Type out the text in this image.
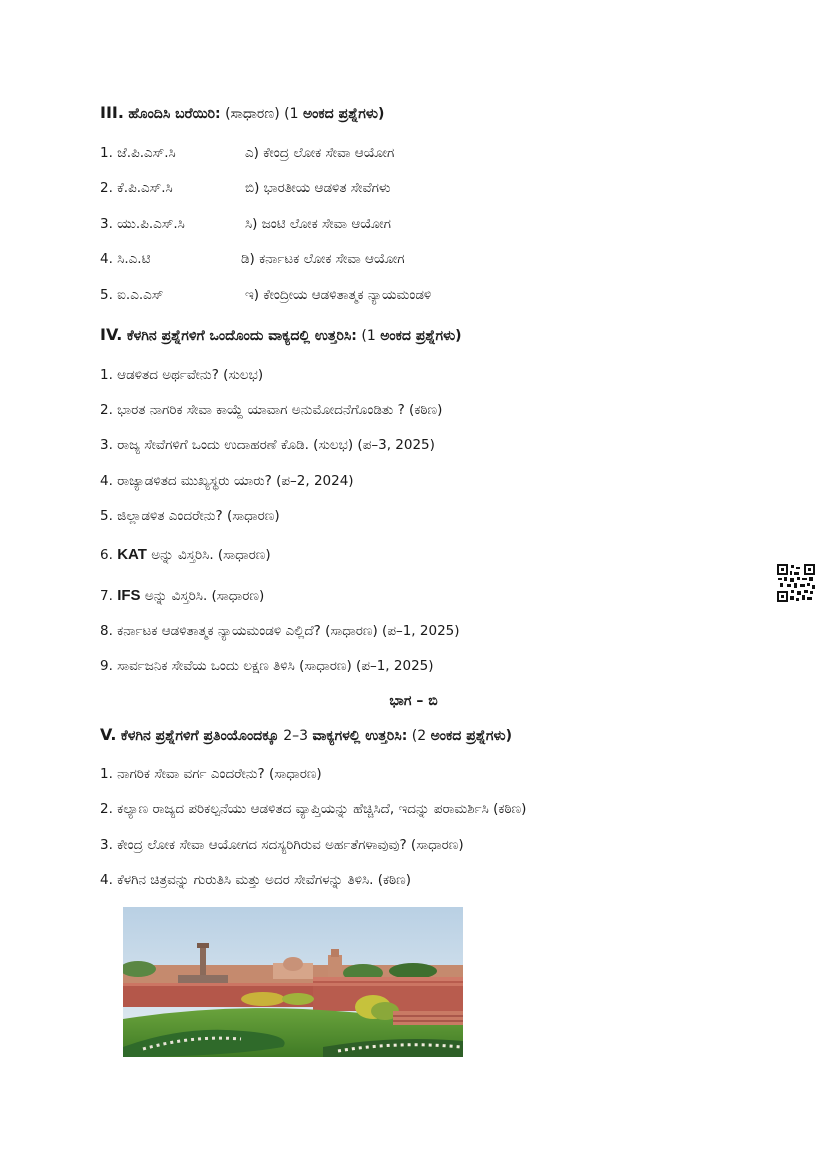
III. ಹೊಂದಿಸಿ ಬರೆಯಿರಿ: (ಸಾಧಾರಣ) (1 ಅಂಕದ ಪ್ರಶ್ನೆಗಳು)
1. ಜೆ.ಪಿ.ಎಸ್.ಸಿ	ಎ) ಕೇಂದ್ರ ಲೋಕ ಸೇವಾ ಆಯೋಗ
2. ಕೆ.ಪಿ.ಎಸ್.ಸಿ	ಬಿ) ಭಾರತೀಯ ಆಡಳಿತ ಸೇವೆಗಳು
3. ಯು.ಪಿ.ಎಸ್.ಸಿ	ಸಿ) ಜಂಟಿ ಲೋಕ ಸೇವಾ ಆಯೋಗ
4. ಸಿ.ಎ.ಟಿ	ಡಿ) ಕರ್ನಾಟಕ ಲೋಕ ಸೇವಾ ಆಯೋಗ
5. ಐ.ಎ.ಎಸ್	ಇ) ಕೇಂದ್ರೀಯ ಆಡಳಿತಾತ್ಮಕ ನ್ಯಾಯಮಂಡಳಿ
IV. ಕೆಳಗಿನ ಪ್ರಶ್ನೆಗಳಿಗೆ ಒಂದೊಂದು ವಾಕ್ಯದಲ್ಲಿ ಉತ್ತರಿಸಿ: (1 ಅಂಕದ ಪ್ರಶ್ನೆಗಳು)
1. ಆಡಳಿತದ ಅರ್ಥವೇನು? (ಸುಲಭ)
2. ಭಾರತ ನಾಗರಿಕ ಸೇವಾ ಕಾಯ್ದೆ ಯಾವಾಗ ಅನುಮೋದನೆಗೊಂಡಿತು ? (ಕಠಿಣ)
3. ರಾಜ್ಯ ಸೇವೆಗಳಿಗೆ ಒಂದು ಉದಾಹರಣೆ ಕೊಡಿ. (ಸುಲಭ) (ಪ–3, 2025)
4. ರಾಜ್ಯಾಡಳಿತದ ಮುಖ್ಯಸ್ಥರು ಯಾರು? (ಪ–2, 2024)
5. ಜಿಲ್ಲಾಡಳಿತ ಎಂದರೇನು? (ಸಾಧಾರಣ)
6. KAT ಅನ್ನು ವಿಸ್ತರಿಸಿ. (ಸಾಧಾರಣ)
7. IFS ಅನ್ನು ವಿಸ್ತರಿಸಿ. (ಸಾಧಾರಣ)
8. ಕರ್ನಾಟಕ ಆಡಳಿತಾತ್ಮಕ ನ್ಯಾಯಮಂಡಳಿ ಎಲ್ಲಿದೆ? (ಸಾಧಾರಣ) (ಪ–1, 2025)
9. ಸಾರ್ವಜನಿಕ ಸೇವೆಯ ಒಂದು ಲಕ್ಷಣ ತಿಳಿಸಿ (ಸಾಧಾರಣ) (ಪ–1, 2025)
ಭಾಗ – ಬಿ
V. ಕೆಳಗಿನ ಪ್ರಶ್ನೆಗಳಿಗೆ ಪ್ರತಿಂಯೊಂದಕ್ಕೂ 2–3 ವಾಕ್ಯಗಳಲ್ಲಿ ಉತ್ತರಿಸಿ: (2 ಅಂಕದ ಪ್ರಶ್ನೆಗಳು)
1. ನಾಗರಿಕ ಸೇವಾ ವರ್ಗ ಎಂದರೇನು? (ಸಾಧಾರಣ)
2. ಕಲ್ಯಾಣ ರಾಜ್ಯದ ಪರಿಕಲ್ಪನೆಯು ಆಡಳಿತದ ವ್ಯಾಪ್ತಿಯನ್ನು ಹೆಚ್ಚಿಸಿದೆ, ಇದನ್ನು ಪರಾಮರ್ಶಿಸಿ (ಕಠಿಣ)
3. ಕೇಂದ್ರ ಲೋಕ ಸೇವಾ ಆಯೋಗದ ಸದಸ್ಯರಿಗಿರುವ ಅರ್ಹತೆಗಳಾವುವು? (ಸಾಧಾರಣ)
4. ಕೆಳಗಿನ ಚಿತ್ರವನ್ನು ಗುರುತಿಸಿ ಮತ್ತು ಅದರ ಸೇವೆಗಳನ್ನು ತಿಳಿಸಿ. (ಕಠಿಣ)
